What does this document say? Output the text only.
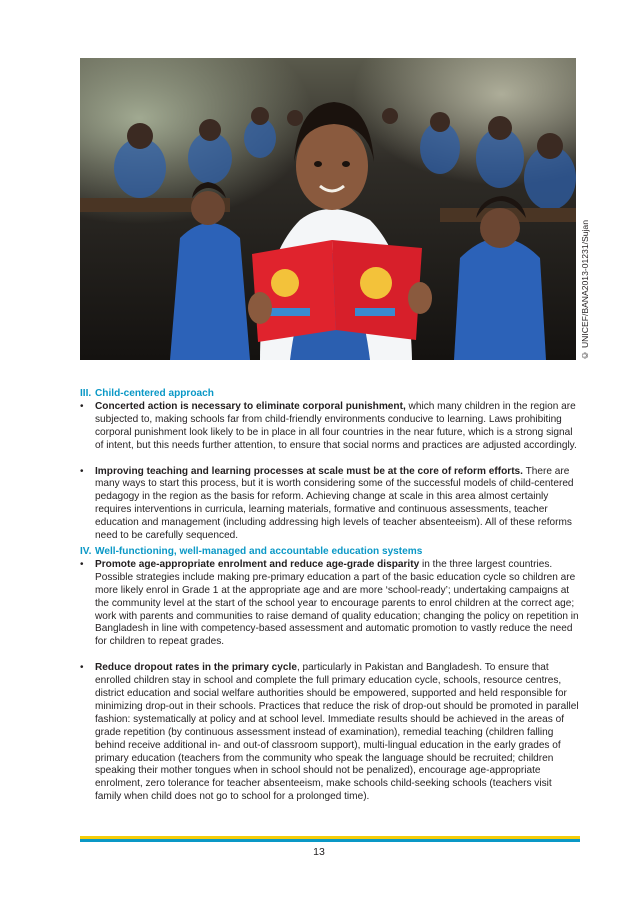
© UNICEF/BANA2013-01231/Sujan
III. Child-centered approach
•	Concerted action is necessary to eliminate corporal punishment, which many children in the region are subjected to, making schools far from child-friendly environments conducive to learning. Laws prohibiting corporal punishment look likely to be in place in all four countries in the near future, which is a strong signal of intent, but this needs further attention, to ensure that social norms and practices are adjusted accordingly.
•	Improving teaching and learning processes at scale must be at the core of reform efforts. There are many ways to start this process, but it is worth considering some of the successful models of child-centered pedagogy in the region as the basis for reform. Achieving change at scale in this area almost certainly requires interventions in curricula, learning materials, formative and continuous assessments, teacher education and management (including addressing high levels of teacher absenteeism). All of these reforms need to be carefully sequenced.
IV. Well-functioning, well-managed and accountable education systems
•	Promote age-appropriate enrolment and reduce age-grade disparity in the three largest countries. Possible strategies include making pre-primary education a part of the basic education cycle so children are more likely enrol in Grade 1 at the appropriate age and are more ‘school-ready’; undertaking campaigns at the community level at the start of the school year to encourage parents to enrol children at the correct age; work with parents and communities to raise demand of quality education; changing the policy on repetition in Bangladesh in line with competency-based assessment and automatic promotion to vastly reduce the need for children to repeat grades.
•	Reduce dropout rates in the primary cycle, particularly in Pakistan and Bangladesh. To ensure that enrolled children stay in school and complete the full primary education cycle, schools, resource centres, district education and social welfare authorities should be empowered, supported and held responsible for minimizing drop-out in their schools. Practices that reduce the risk of drop-out should be promoted in parallel fashion: systematically at policy and at school level. Immediate results should be achieved in the areas of grade repetition (by continuous assessment instead of examination), remedial teaching (children falling behind receive additional in- and out-of classroom support), multi-lingual education in the early grades of primary education (teachers from the community who speak the language should be recruited; children speaking their mother tongues when in school should not be penalized), encourage age-appropriate enrolment, zero tolerance for teacher absenteeism, make schools child-seeking schools (teachers visit family when child does not go to school for a prolonged time).
13
